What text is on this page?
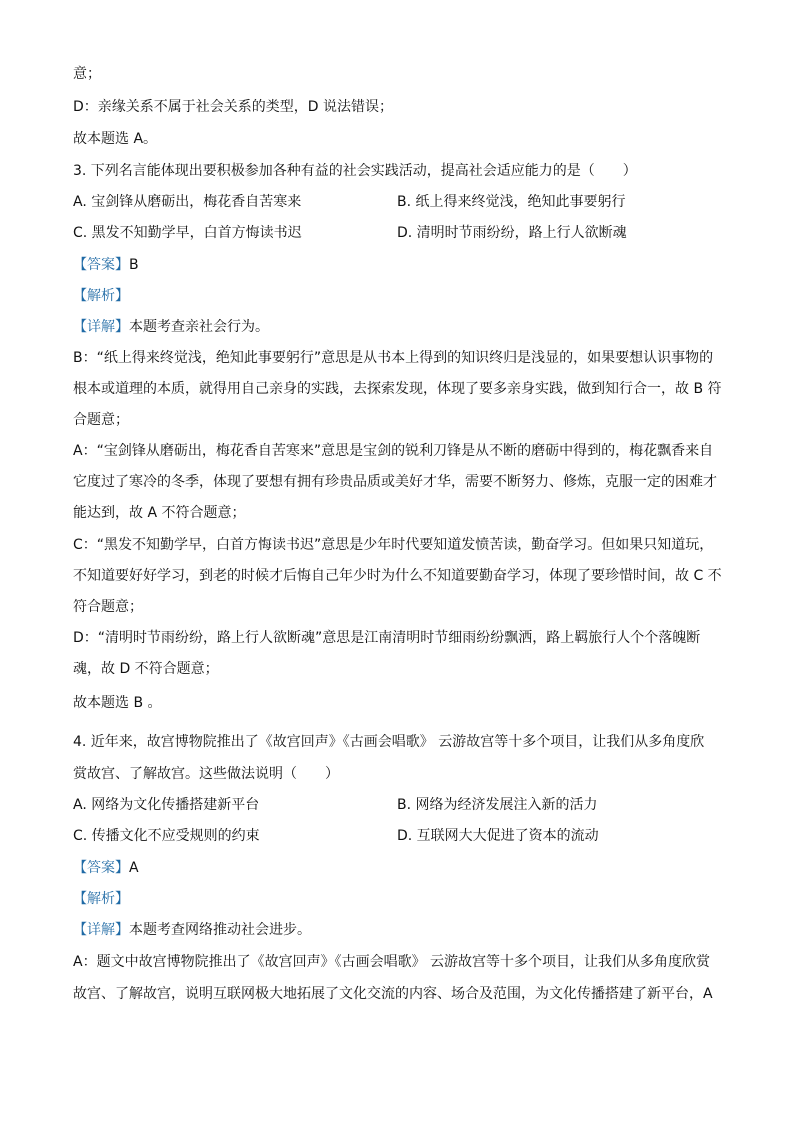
意；
D：亲缘关系不属于社会关系的类型，D 说法错误；
故本题选 A。
3. 下列名言能体现出要积极参加各种有益的社会实践活动，提高社会适应能力的是（　　）
A. 宝剑锋从磨砺出，梅花香自苦寒来	B. 纸上得来终觉浅，绝知此事要躬行
C. 黑发不知勤学早，白首方悔读书迟	D. 清明时节雨纷纷，路上行人欲断魂
【答案】B
【解析】
【详解】本题考查亲社会行为。
B：“纸上得来终觉浅，绝知此事要躬行”意思是从书本上得到的知识终归是浅显的，如果要想认识事物的
根本或道理的本质，就得用自己亲身的实践，去探索发现，体现了要多亲身实践，做到知行合一，故 B 符
合题意；
A：“宝剑锋从磨砺出，梅花香自苦寒来”意思是宝剑的锐利刀锋是从不断的磨砺中得到的，梅花飘香来自
它度过了寒冷的冬季，体现了要想有拥有珍贵品质或美好才华，需要不断努力、修炼，克服一定的困难才
能达到，故 A 不符合题意；
C：“黑发不知勤学早，白首方悔读书迟”意思是少年时代要知道发愤苦读，勤奋学习。但如果只知道玩，
不知道要好好学习，到老的时候才后悔自己年少时为什么不知道要勤奋学习，体现了要珍惜时间，故 C 不
符合题意；
D：“清明时节雨纷纷，路上行人欲断魂”意思是江南清明时节细雨纷纷飘洒，路上羁旅行人个个落魄断
魂，故 D 不符合题意；
故本题选 B 。
4. 近年来，故宫博物院推出了《故宫回声》《古画会唱歌》 云游故宫等十多个项目，让我们从多角度欣
赏故宫、了解故宫。这些做法说明（　　）
A. 网络为文化传播搭建新平台	B. 网络为经济发展注入新的活力
C. 传播文化不应受规则的约束	D. 互联网大大促进了资本的流动
【答案】A
【解析】
【详解】本题考查网络推动社会进步。
A：题文中故宫博物院推出了《故宫回声》《古画会唱歌》 云游故宫等十多个项目，让我们从多角度欣赏
故宫、了解故宫，说明互联网极大地拓展了文化交流的内容、场合及范围，为文化传播搭建了新平台，A
